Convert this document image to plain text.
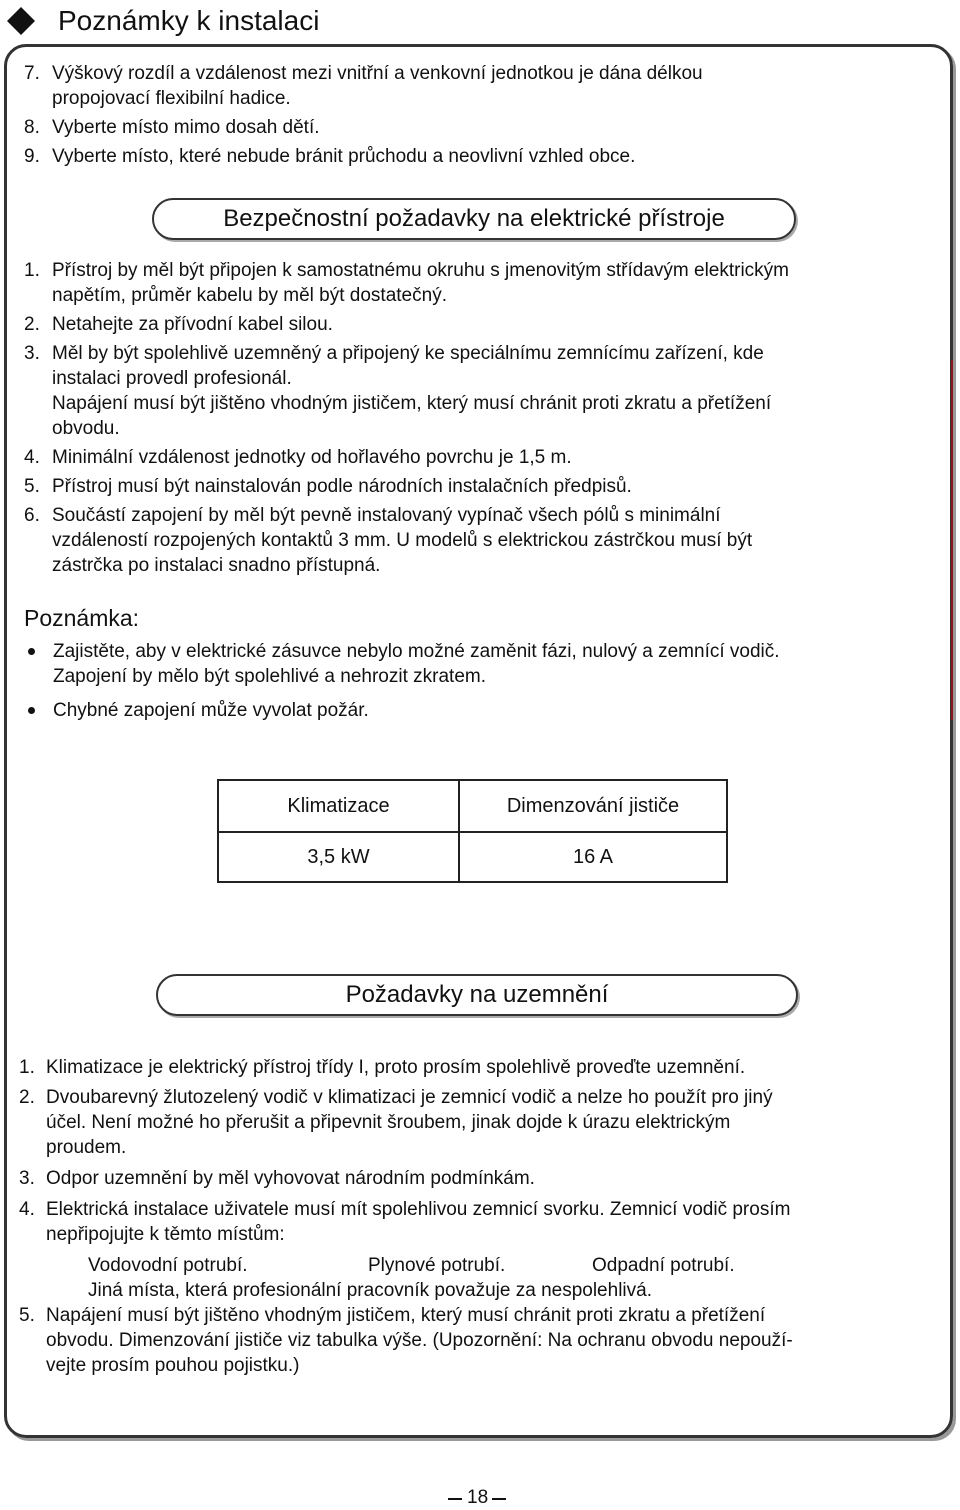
Poznámky k instalaci
7. Výškový rozdíl a vzdálenost mezi vnitřní a venkovní jednotkou je dána délkou
propojovací flexibilní hadice.
8. Vyberte místo mimo dosah dětí.
9. Vyberte místo, které nebude bránit průchodu a neovlivní vzhled obce.
Bezpečnostní požadavky na elektrické přístroje
1. Přístroj by měl být připojen k samostatnému okruhu s jmenovitým střídavým elektrickým
napětím, průměr kabelu by měl být dostatečný.
2. Netahejte za přívodní kabel silou.
3. Měl by být spolehlivě uzemněný a připojený ke speciálnímu zemnícímu zařízení, kde
instalaci provedl profesionál.
Napájení musí být jištěno vhodným jističem, který musí chránit proti zkratu a přetížení
obvodu.
4. Minimální vzdálenost jednotky od hořlavého povrchu je 1,5 m.
5. Přístroj musí být nainstalován podle národních instalačních předpisů.
6. Součástí zapojení by měl být pevně instalovaný vypínač všech pólů s minimální
vzdáleností rozpojených kontaktů 3 mm. U modelů s elektrickou zástrčkou musí být
zástrčka po instalaci snadno přístupná.
Poznámka:
Zajistěte, aby v elektrické zásuvce nebylo možné zaměnit fázi, nulový a zemnící vodič.
Zapojení by mělo být spolehlivé a nehrozit zkratem.
Chybné zapojení může vyvolat požár.
Klimatizace	Dimenzování jističe
3,5 kW	16 A
Požadavky na uzemnění
1. Klimatizace je elektrický přístroj třídy I, proto prosím spolehlivě proveďte uzemnění.
2. Dvoubarevný žlutozelený vodič v klimatizaci je zemnicí vodič a nelze ho použít pro jiný
účel. Není možné ho přerušit a připevnit šroubem, jinak dojde k úrazu elektrickým
proudem.
3. Odpor uzemnění by měl vyhovovat národním podmínkám.
4. Elektrická instalace uživatele musí mít spolehlivou zemnicí svorku. Zemnicí vodič prosím
nepřipojujte k těmto místům:
Vodovodní potrubí.	Plynové potrubí.	Odpadní potrubí.
Jiná místa, která profesionální pracovník považuje za nespolehlivá.
5. Napájení musí být jištěno vhodným jističem, který musí chránit proti zkratu a přetížení
obvodu. Dimenzování jističe viz tabulka výše. (Upozornění: Na ochranu obvodu nepouží-
vejte prosím pouhou pojistku.)
18
